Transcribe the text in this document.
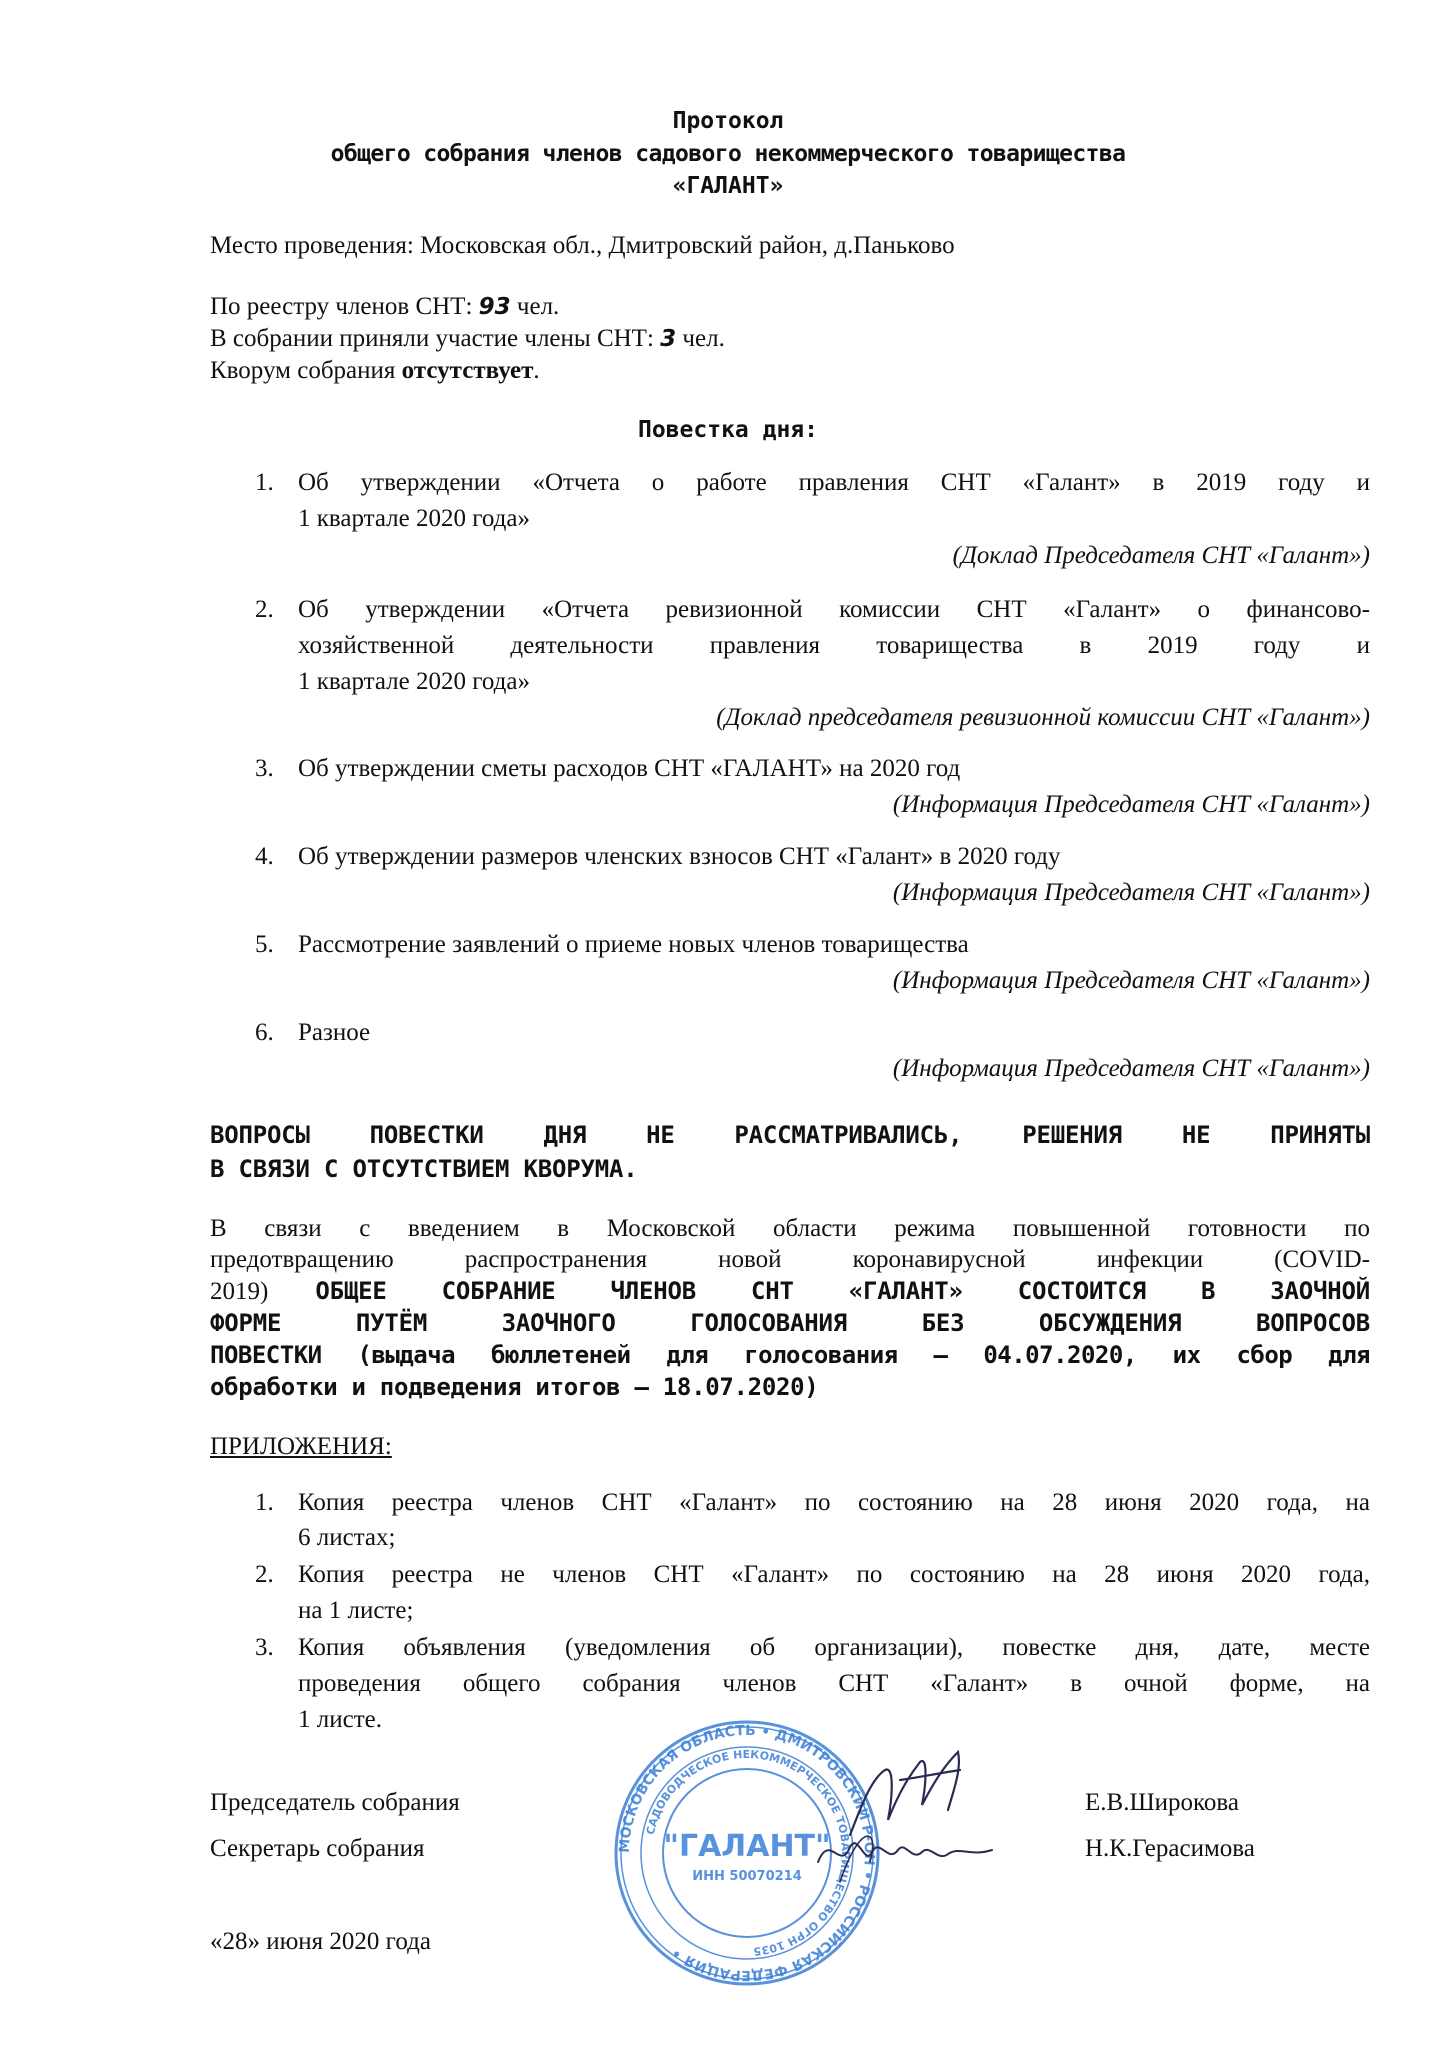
Протокол
общего собрания членов садового некоммерческого товарищества
«ГАЛАНТ»
Место проведения: Московская обл., Дмитровский район, д.Паньково
По реестру членов СНТ: 93 чел.
В собрании приняли участие члены СНТ: 3 чел.
Кворум собрания отсутствует.
Повестка дня:
1. Об утверждении «Отчета о работе правления СНТ «Галант» в 2019 году и
1 квартале 2020 года»
(Доклад Председателя СНТ «Галант»)
2. Об утверждении «Отчета ревизионной комиссии СНТ «Галант» о финансово-
хозяйственной деятельности правления товарищества в 2019 году и
1 квартале 2020 года»
(Доклад председателя ревизионной комиссии СНТ «Галант»)
3. Об утверждении сметы расходов СНТ «ГАЛАНТ» на 2020 год
(Информация Председателя СНТ «Галант»)
4. Об утверждении размеров членских взносов СНТ «Галант» в 2020 году
(Информация Председателя СНТ «Галант»)
5. Рассмотрение заявлений о приеме новых членов товарищества
(Информация Председателя СНТ «Галант»)
6. Разное
(Информация Председателя СНТ «Галант»)
ВОПРОСЫ ПОВЕСТКИ ДНЯ НЕ РАССМАТРИВАЛИСЬ, РЕШЕНИЯ НЕ ПРИНЯТЫ
В СВЯЗИ С ОТСУТСТВИЕМ КВОРУМА.
В связи с введением в Московской области режима повышенной готовности по
предотвращению распространения новой коронавирусной инфекции (COVID-
2019) ОБЩЕЕ СОБРАНИЕ ЧЛЕНОВ СНТ «ГАЛАНТ» СОСТОИТСЯ В ЗАОЧНОЙ
ФОРМЕ ПУТЁМ ЗАОЧНОГО ГОЛОСОВАНИЯ БЕЗ ОБСУЖДЕНИЯ ВОПРОСОВ
ПОВЕСТКИ (выдача бюллетеней для голосования – 04.07.2020, их сбор для
обработки и подведения итогов – 18.07.2020)
ПРИЛОЖЕНИЯ:
1. Копия реестра членов СНТ «Галант» по состоянию на 28 июня 2020 года, на
6 листах;
2. Копия реестра не членов СНТ «Галант» по состоянию на 28 июня 2020 года,
на 1 листе;
3. Копия объявления (уведомления об организации), повестке дня, дате, месте
проведения общего собрания членов СНТ «Галант» в очной форме, на
1 листе.
МОСКОВСКАЯ ОБЛАСТЬ • ДМИТРОВСКИЙ Р-ОН • РОССИЙСКАЯ ФЕДЕРАЦИЯ •
САДОВОДЧЕСКОЕ НЕКОММЕРЧЕСКОЕ ТОВАРИЩЕСТВО ОГРН 1035
"ГАЛАНТ"
ИНН 50070214
Председатель собрания	Е.В.Широкова
Секретарь собрания	Н.К.Герасимова
«28» июня 2020 года
